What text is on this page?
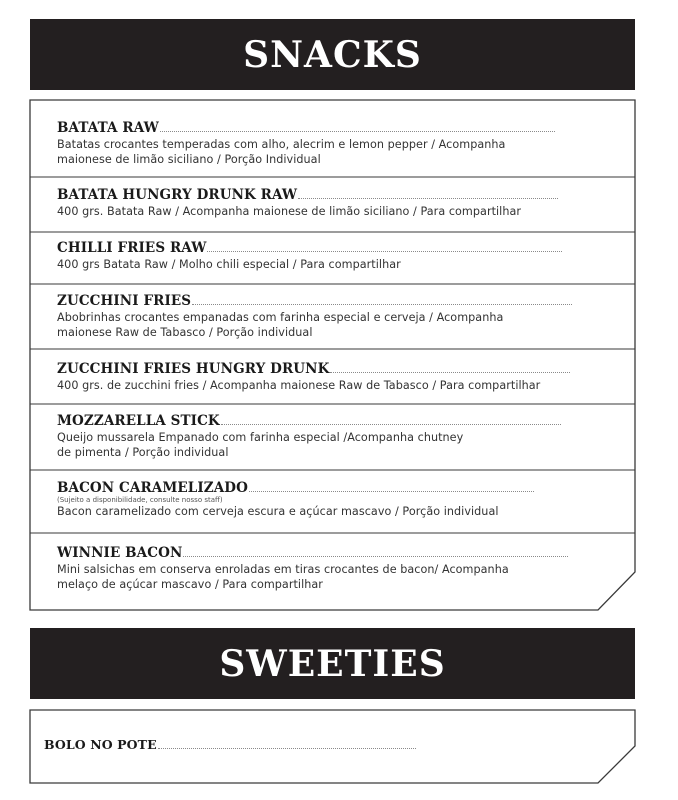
SNACKS
BATATA RAW
Batatas crocantes temperadas com alho, alecrim e lemon pepper / Acompanha
maionese de limão siciliano / Porção Individual
BATATA HUNGRY DRUNK RAW
400 grs. Batata Raw / Acompanha maionese de limão siciliano / Para compartilhar
CHILLI FRIES RAW
400 grs Batata Raw / Molho chili especial / Para compartilhar
ZUCCHINI FRIES
Abobrinhas crocantes empanadas com farinha especial e cerveja / Acompanha
maionese Raw de Tabasco / Porção individual
ZUCCHINI FRIES HUNGRY DRUNK
400 grs. de zucchini fries / Acompanha maionese Raw de Tabasco / Para compartilhar
MOZZARELLA STICK
Queijo mussarela Empanado com farinha especial /Acompanha chutney
de pimenta / Porção individual
BACON CARAMELIZADO
(Sujeito a disponibilidade, consulte nosso staff)
Bacon caramelizado com cerveja escura e açúcar mascavo / Porção individual
WINNIE BACON
Mini salsichas em conserva enroladas em tiras crocantes de bacon/ Acompanha
melaço de açúcar mascavo / Para compartilhar
SWEETIES
BOLO NO POTE
